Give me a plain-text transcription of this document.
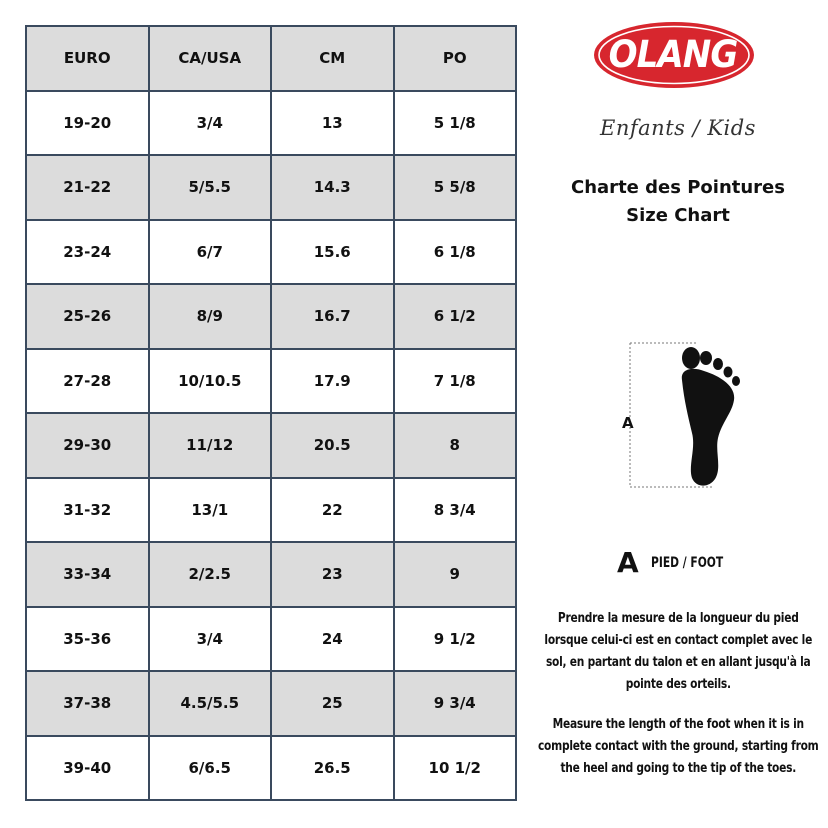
EURO	CA/USA	CM	PO
19-20	3/4	13	5 1/8
21-22	5/5.5	14.3	5 5/8
23-24	6/7	15.6	6 1/8
25-26	8/9	16.7	6 1/2
27-28	10/10.5	17.9	7 1/8
29-30	11/12	20.5	8
31-32	13/1	22	8 3/4
33-34	2/2.5	23	9
35-36	3/4	24	9 1/2
37-38	4.5/5.5	25	9 3/4
39-40	6/6.5	26.5	10 1/2
OLANG
®
Enfants / Kids
Charte des Pointures
Size Chart
A
A PIED / FOOT
Prendre la mesure de la longueur du pied lorsque celui-ci est en contact complet avec le sol, en partant du talon et en allant jusqu'à la pointe des orteils.
Measure the length of the foot when it is in complete contact with the ground, starting from the heel and going to the tip of the toes.
